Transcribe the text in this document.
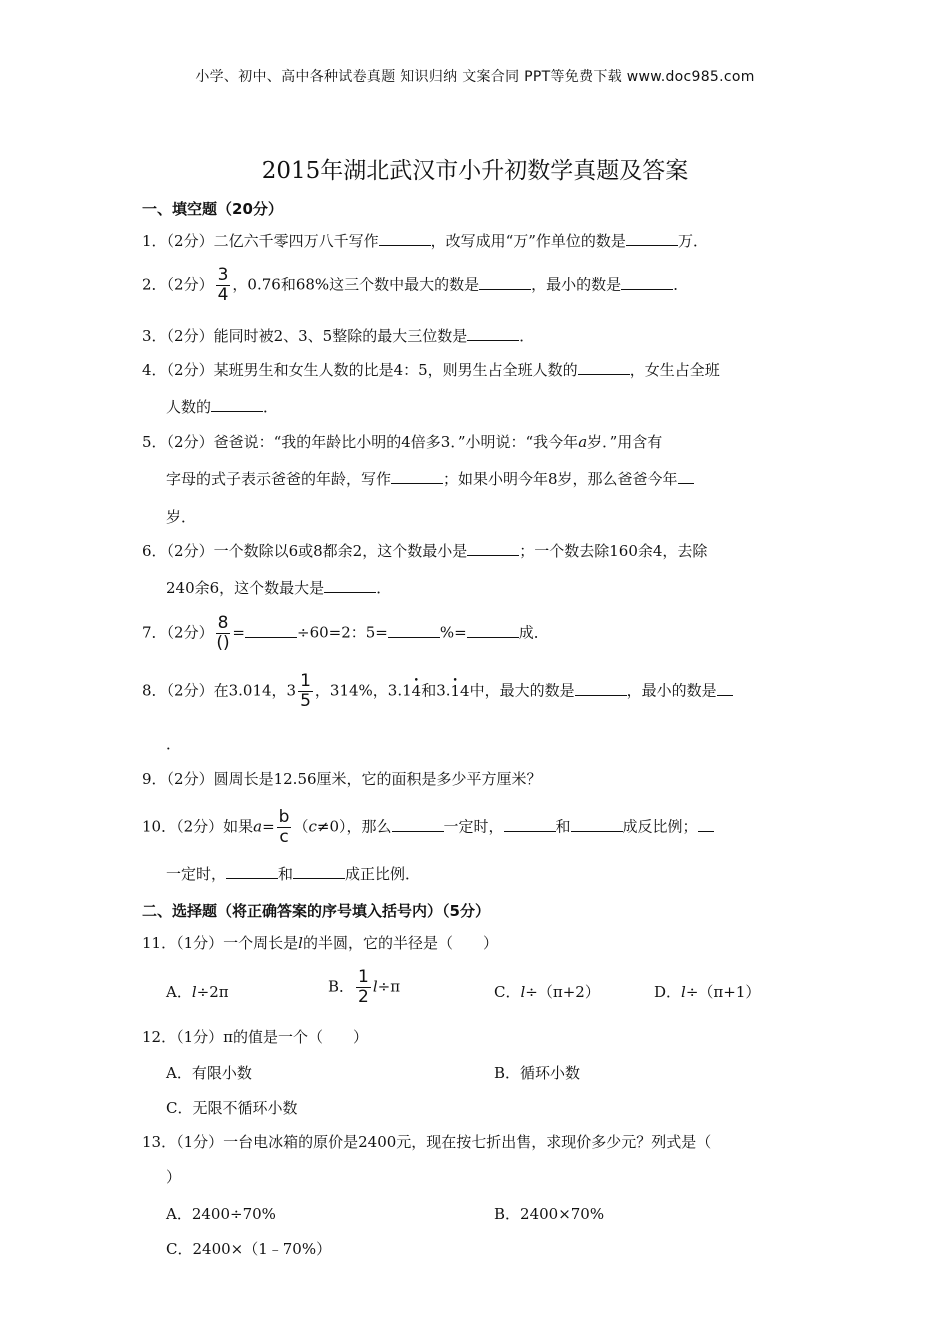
小学、初中、高中各种试卷真题 知识归纳 文案合同 PPT等免费下载 www.doc985.com
2015年湖北武汉市小升初数学真题及答案
一、填空题（20分）
1．（2分）二亿六千零四万八千写作	，改写成用“万”作单位的数是	万．
2．（2分） $\frac{3}{4}$ ，0.76和68%这三个数中最大的数是	，最小的数是	．
3．（2分）能同时被2、3、5整除的最大三位数是	．
4．（2分）某班男生和女生人数的比是4：5，则男生占全班人数的	，女生占全班
人数的	．
5．（2分）爸爸说：“我的年龄比小明的4倍多3．”小明说：“我今年a岁．”用含有
字母的式子表示爸爸的年龄，写作	；如果小明今年8岁，那么爸爸今年
岁．
6．（2分）一个数除以6或8都余2，这个数最小是	；一个数去除160余4，去除
240余6，这个数最大是	．
7．（2分） $\frac{8}{()}$ =	÷60=2：5=	%=	成．
8．（2分）在3.014，$3 \frac{1}{5}$ ，314%，3.1• 4和3.• 14中，最大的数是	，最小的数是
．
9．（2分）圆周长是12.56厘米，它的面积是多少平方厘米？
10．（2分）如果$a= \frac{b}{c} (c\ne 0)$，那么	一定时，	和	成反比例；
一定时，	和	成正比例．
二、选择题（将正确答案的序号填入括号内）（5分）
11．（1分）一个周长是l的半圆，它的半径是（　　）
A．l÷2π	B． $\frac{1}{2} l\div\pi$	C．l÷（π+2）	D．l÷（π+1）
12．（1分）π的值是一个（　　）
A．有限小数	B．循环小数
C．无限不循环小数
13．（1分）一台电冰箱的原价是2400元，现在按七折出售，求现价多少元？列式是（
）
A．2400÷70%	B．2400×70%
C．2400×（1﹣70%）
